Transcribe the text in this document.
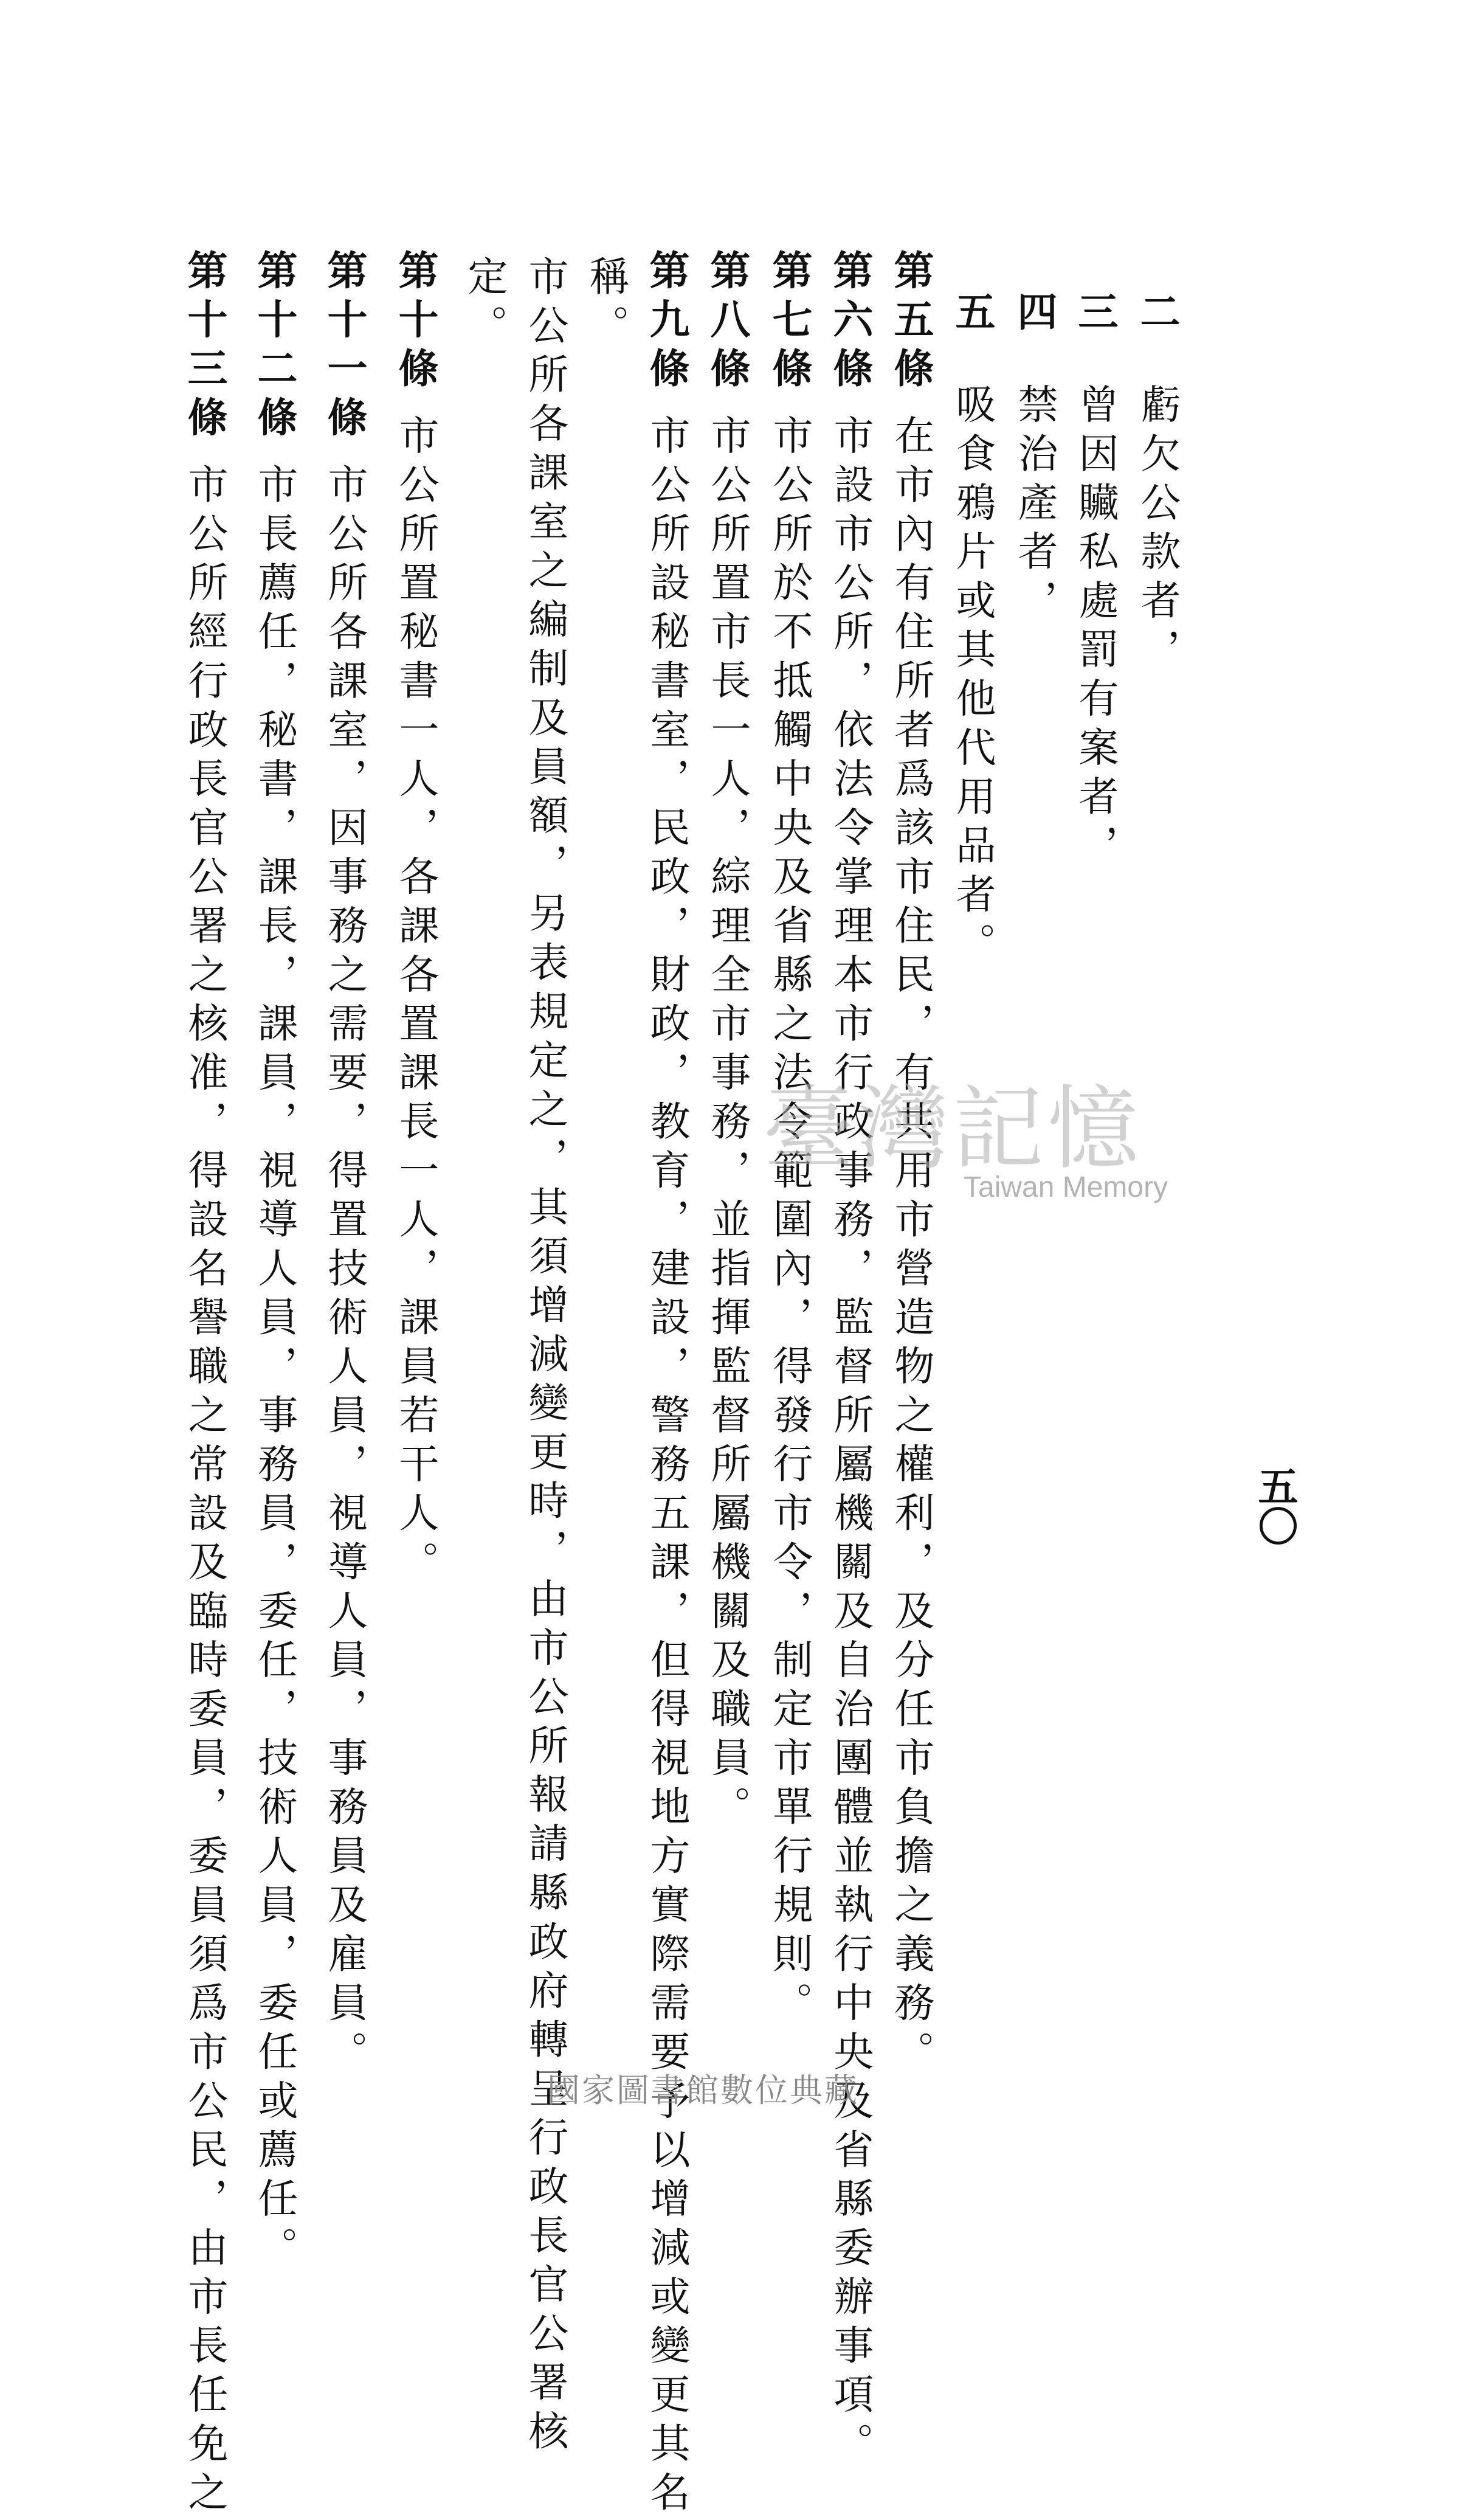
二虧欠公款者，
三曾因贜私處罰有案者，
四禁治產者，
五吸食鴉片或其他代用品者。
第五條在市內有住所者爲該市住民，有共用市營造物之權利，及分任市負擔之義務。
第六條市設市公所，依法令掌理本市行政事務，監督所屬機關及自治團體並執行中央及省縣委辦事項。
第七條市公所於不抵觸中央及省縣之法令範圍內，得發行市令，制定市單行規則。
第八條市公所置市長一人，綜理全市事務，並指揮監督所屬機關及職員。
第九條市公所設秘書室，民政，財政，教育，建設，警務五課，但得視地方實際需要予以增減或變更其名
稱。
市公所各課室之編制及員額，另表規定之，其須增減變更時，由市公所報請縣政府轉呈行政長官公署核
定。
第十條市公所置秘書一人，各課各置課長一人，課員若干人。
第十一條市公所各課室，因事務之需要，得置技術人員，視導人員，事務員及雇員。
第十二條市長薦任，秘書，課長，課員，視導人員，事務員，委任，技術人員，委任或薦任。
第十三條市公所經行政長官公署之核准，得設名譽職之常設及臨時委員，委員須爲市公民，由市長任免之	五〇
臺灣記憶
Taiwan Memory
國家圖書館數位典藏
